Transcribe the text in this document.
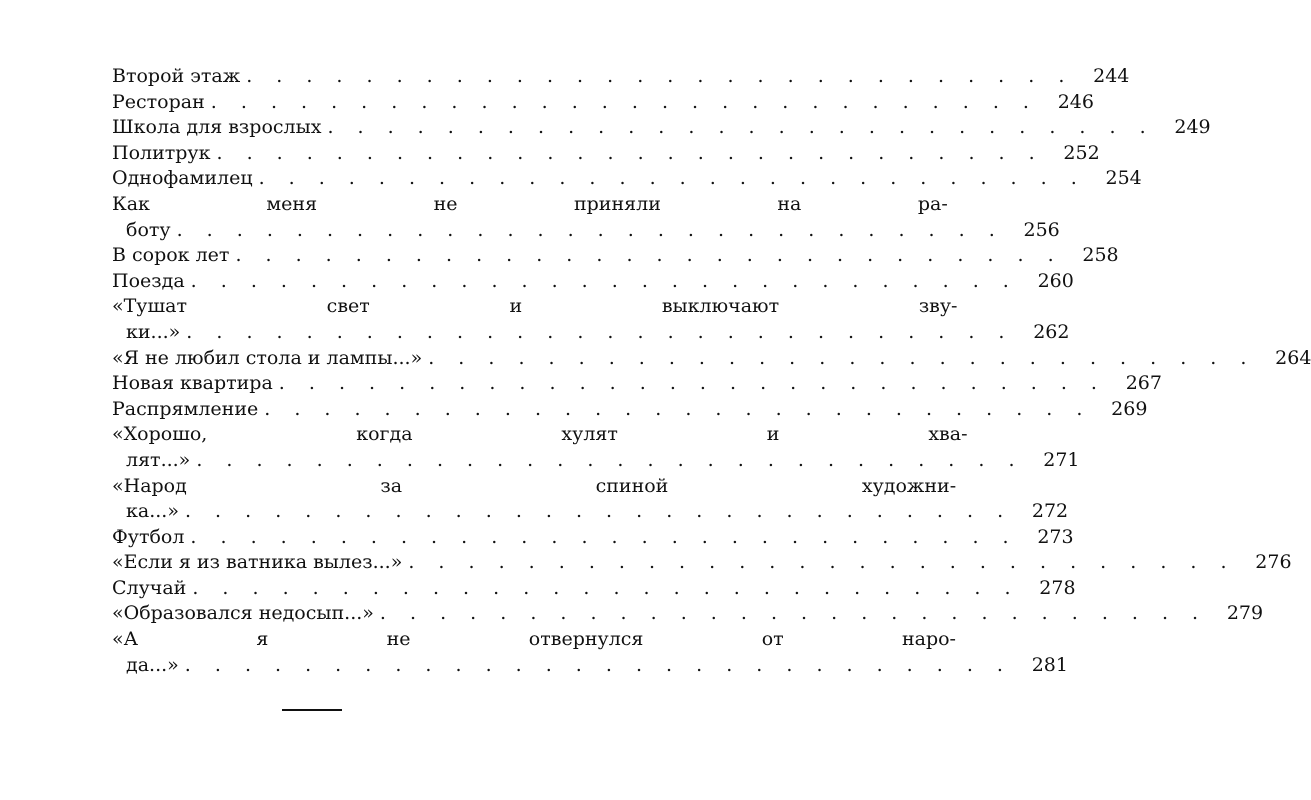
Второй этаж . . . . . . . . . . . . . . . . . . . . . . . . . . . .	244
Ресторан . . . . . . . . . . . . . . . . . . . . . . . . . . . .	246
Школа для взрослых . . . . . . . . . . . . . . . . . . . . . . . . . . . .	249
Политрук . . . . . . . . . . . . . . . . . . . . . . . . . . . .	252
Однофамилец . . . . . . . . . . . . . . . . . . . . . . . . . . . .	254
Как меня не приняли на ра-
боту . . . . . . . . . . . . . . . . . . . . . . . . . . . .	256
В сорок лет . . . . . . . . . . . . . . . . . . . . . . . . . . . .	258
Поезда . . . . . . . . . . . . . . . . . . . . . . . . . . . .	260
«Тушат свет и выключают зву-
ки...» . . . . . . . . . . . . . . . . . . . . . . . . . . . .	262
«Я не любил стола и лампы...» . . . . . . . . . . . . . . . . . . . . . . . . . . . .	264
Новая квартира . . . . . . . . . . . . . . . . . . . . . . . . . . . .	267
Распрямление . . . . . . . . . . . . . . . . . . . . . . . . . . . .	269
«Хорошо, когда хулят и хва-
лят...» . . . . . . . . . . . . . . . . . . . . . . . . . . . .	271
«Народ за спиной художни-
ка...» . . . . . . . . . . . . . . . . . . . . . . . . . . . .	272
Футбол . . . . . . . . . . . . . . . . . . . . . . . . . . . .	273
«Если я из ватника вылез...» . . . . . . . . . . . . . . . . . . . . . . . . . . . .	276
Случай . . . . . . . . . . . . . . . . . . . . . . . . . . . .	278
«Образовался недосып...» . . . . . . . . . . . . . . . . . . . . . . . . . . . .	279
«А я не отвернулся от наро-
да...» . . . . . . . . . . . . . . . . . . . . . . . . . . . .	281
